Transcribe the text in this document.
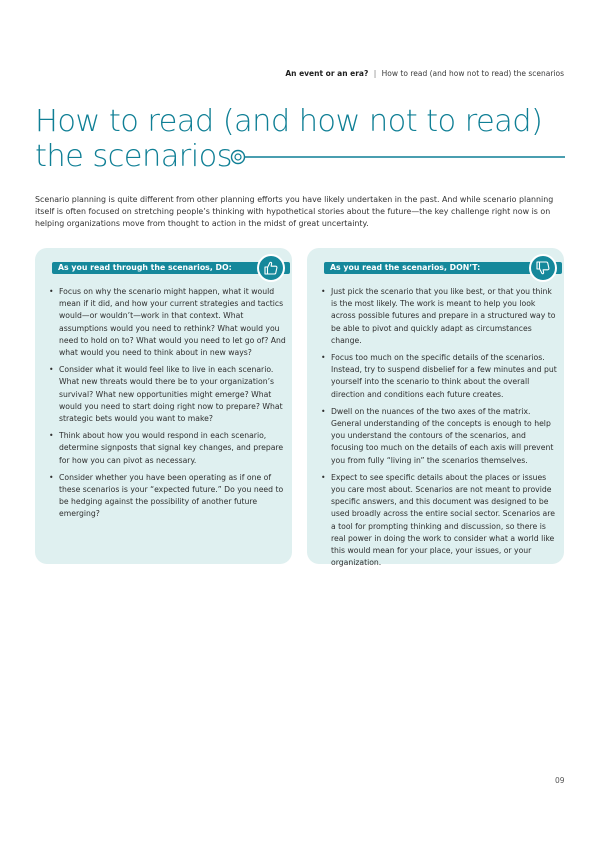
An event or an era? | How to read (and how not to read) the scenarios
How to read (and how not to read)
the scenarios

Scenario planning is quite different from other planning efforts you have likely undertaken in the past. And while scenario planning itself is often focused on stretching people’s thinking with hypothetical stories about the future—the key challenge right now is on helping organizations move from thought to action in the midst of great uncertainty.

As you read through the scenarios, DO:
• Focus on why the scenario might happen, what it would mean if it did, and how your current strategies and tactics would—or wouldn’t—work in that context. What assumptions would you need to rethink? What would you need to hold on to? What would you need to let go of? And what would you need to think about in new ways?
• Consider what it would feel like to live in each scenario. What new threats would there be to your organization’s survival? What new opportunities might emerge? What would you need to start doing right now to prepare? What strategic bets would you want to make?
• Think about how you would respond in each scenario, determine signposts that signal key changes, and prepare for how you can pivot as necessary.
• Consider whether you have been operating as if one of these scenarios is your “expected future.” Do you need to be hedging against the possibility of another future emerging?
As you read the scenarios, DON’T:
• Just pick the scenario that you like best, or that you think is the most likely. The work is meant to help you look across possible futures and prepare in a structured way to be able to pivot and quickly adapt as circumstances change.
• Focus too much on the specific details of the scenarios. Instead, try to suspend disbelief for a few minutes and put yourself into the scenario to think about the overall direction and conditions each future creates.
• Dwell on the nuances of the two axes of the matrix. General understanding of the concepts is enough to help you understand the contours of the scenarios, and focusing too much on the details of each axis will prevent you from fully “living in” the scenarios themselves.
• Expect to see specific details about the places or issues you care most about. Scenarios are not meant to provide specific answers, and this document was designed to be used broadly across the entire social sector. Scenarios are a tool for prompting thinking and discussion, so there is real power in doing the work to consider what a world like this would mean for your place, your issues, or your organization.
09
